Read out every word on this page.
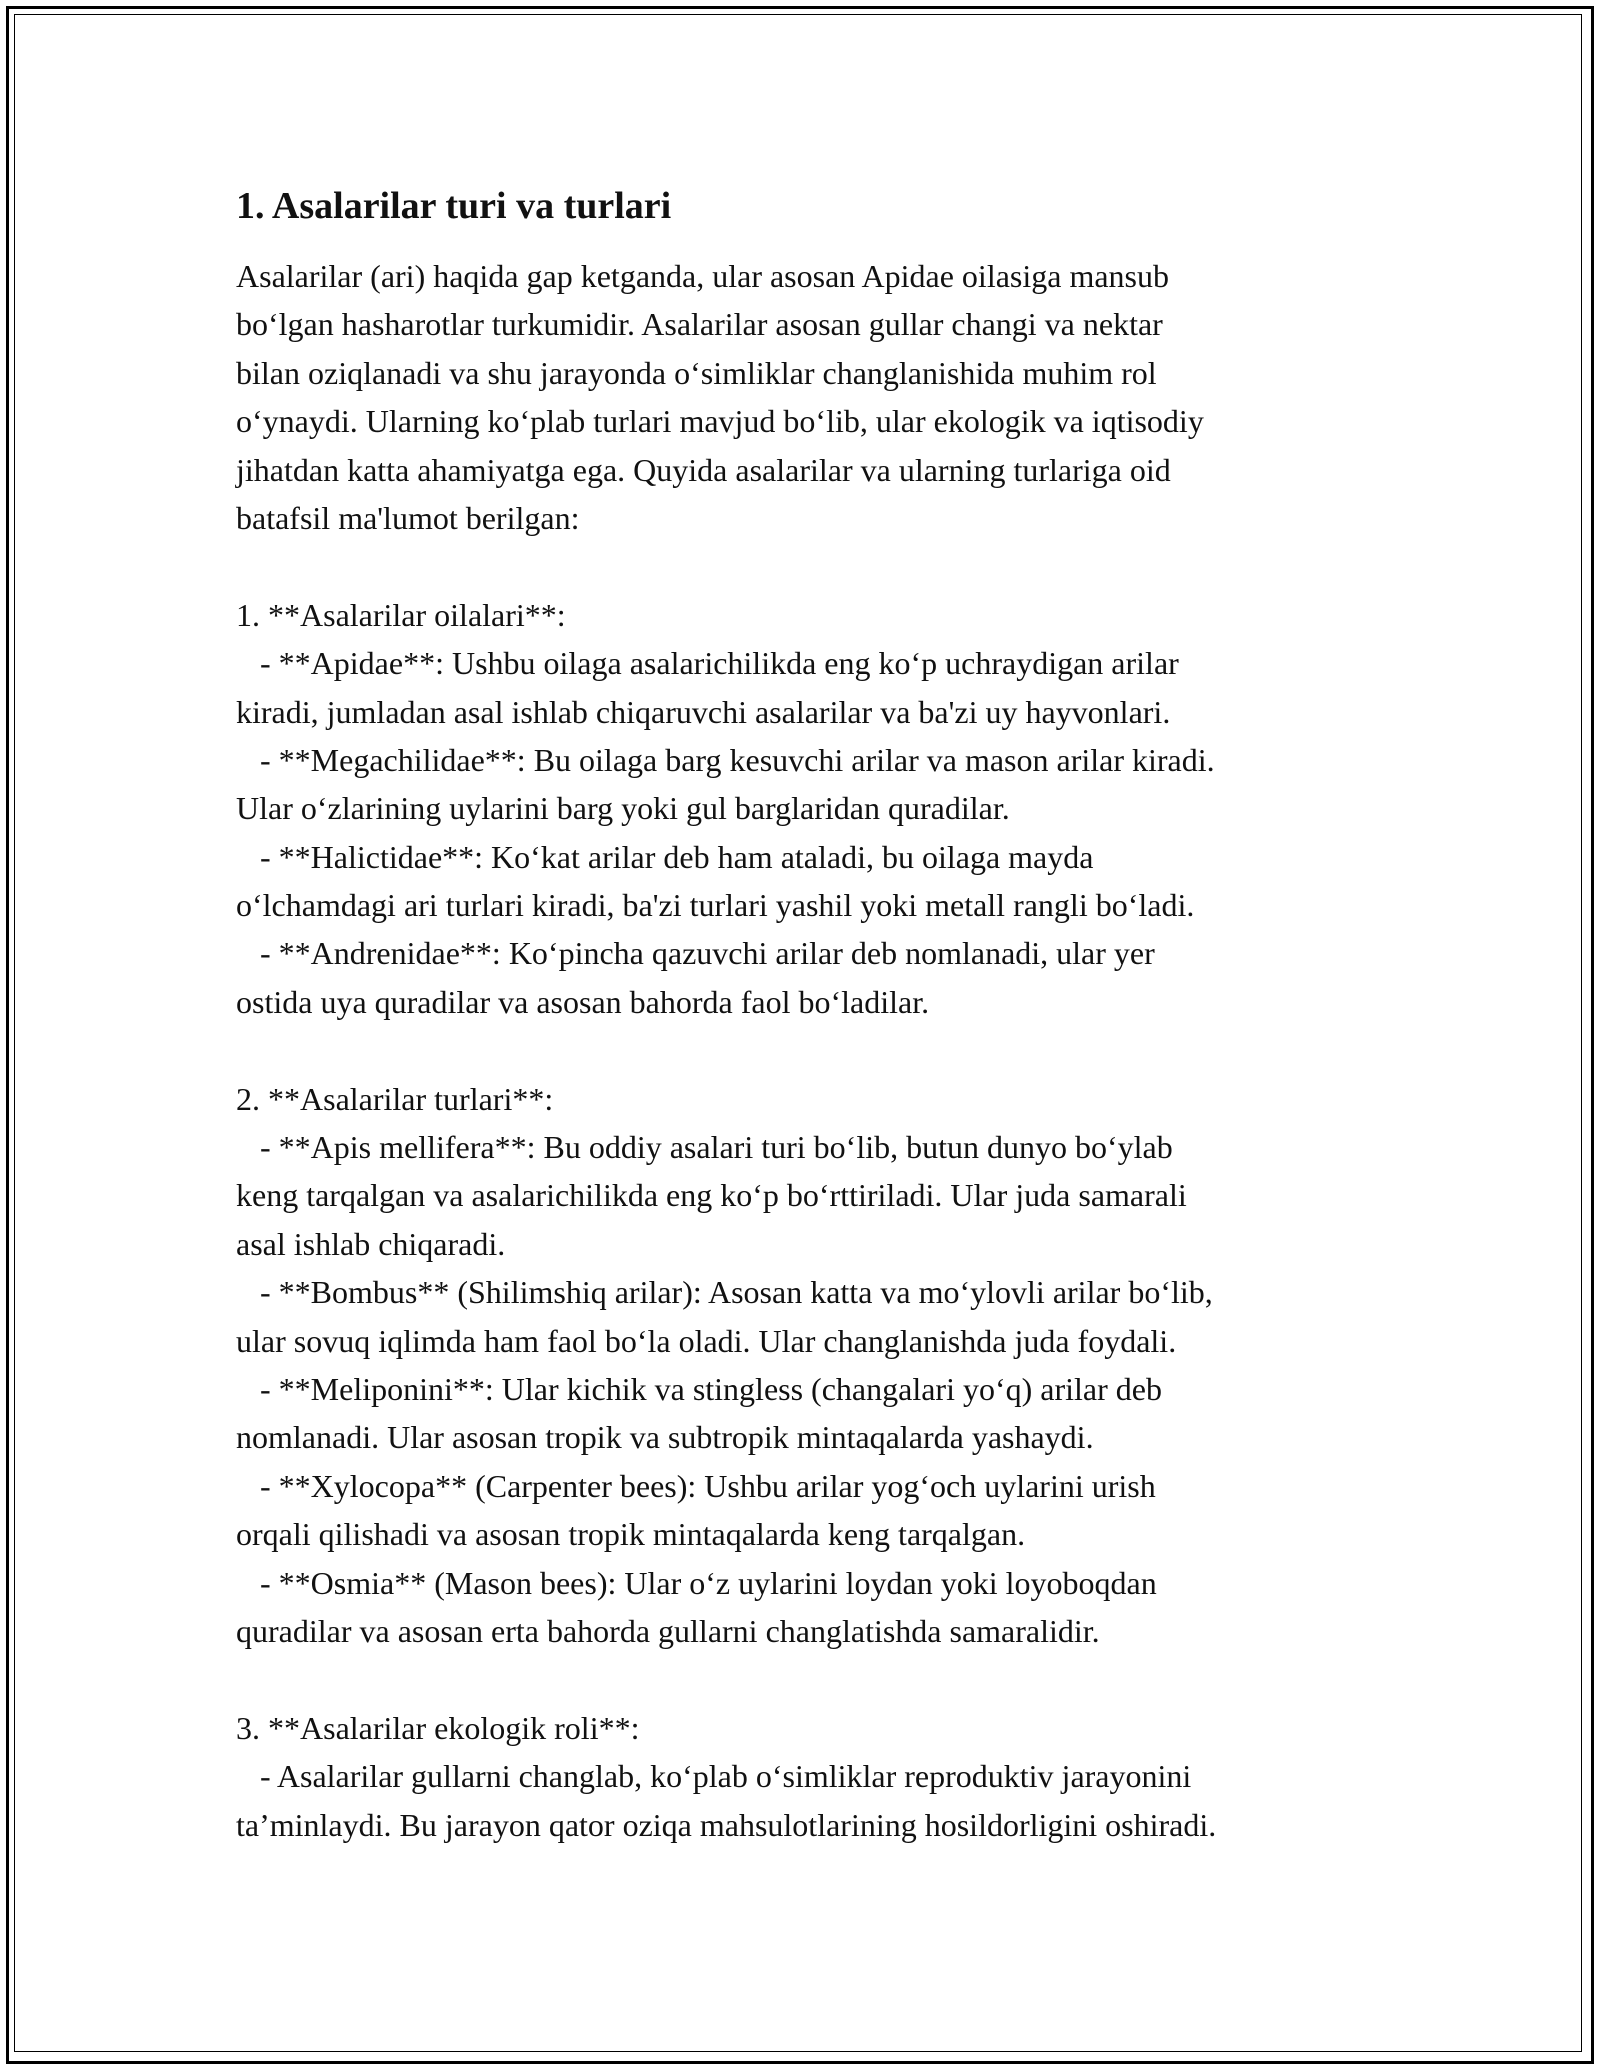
1. Asalarilar turi va turlari
Asalarilar (ari) haqida gap ketganda, ular asosan Apidae oilasiga mansub
bo‘lgan hasharotlar turkumidir. Asalarilar asosan gullar changi va nektar
bilan oziqlanadi va shu jarayonda o‘simliklar changlanishida muhim rol
o‘ynaydi. Ularning ko‘plab turlari mavjud bo‘lib, ular ekologik va iqtisodiy
jihatdan katta ahamiyatga ega. Quyida asalarilar va ularning turlariga oid
batafsil ma'lumot berilgan:
1. **Asalarilar oilalari**:
- **Apidae**: Ushbu oilaga asalarichilikda eng ko‘p uchraydigan arilar
kiradi, jumladan asal ishlab chiqaruvchi asalarilar va ba'zi uy hayvonlari.
- **Megachilidae**: Bu oilaga barg kesuvchi arilar va mason arilar kiradi.
Ular o‘zlarining uylarini barg yoki gul barglaridan quradilar.
- **Halictidae**: Ko‘kat arilar deb ham ataladi, bu oilaga mayda
o‘lchamdagi ari turlari kiradi, ba'zi turlari yashil yoki metall rangli bo‘ladi.
- **Andrenidae**: Ko‘pincha qazuvchi arilar deb nomlanadi, ular yer
ostida uya quradilar va asosan bahorda faol bo‘ladilar.
2. **Asalarilar turlari**:
- **Apis mellifera**: Bu oddiy asalari turi bo‘lib, butun dunyo bo‘ylab
keng tarqalgan va asalarichilikda eng ko‘p bo‘rttiriladi. Ular juda samarali
asal ishlab chiqaradi.
- **Bombus** (Shilimshiq arilar): Asosan katta va mo‘ylovli arilar bo‘lib,
ular sovuq iqlimda ham faol bo‘la oladi. Ular changlanishda juda foydali.
- **Meliponini**: Ular kichik va stingless (changalari yo‘q) arilar deb
nomlanadi. Ular asosan tropik va subtropik mintaqalarda yashaydi.
- **Xylocopa** (Carpenter bees): Ushbu arilar yog‘och uylarini urish
orqali qilishadi va asosan tropik mintaqalarda keng tarqalgan.
- **Osmia** (Mason bees): Ular o‘z uylarini loydan yoki loyoboqdan
quradilar va asosan erta bahorda gullarni changlatishda samaralidir.
3. **Asalarilar ekologik roli**:
- Asalarilar gullarni changlab, ko‘plab o‘simliklar reproduktiv jarayonini
ta’minlaydi. Bu jarayon qator oziqa mahsulotlarining hosildorligini oshiradi.
